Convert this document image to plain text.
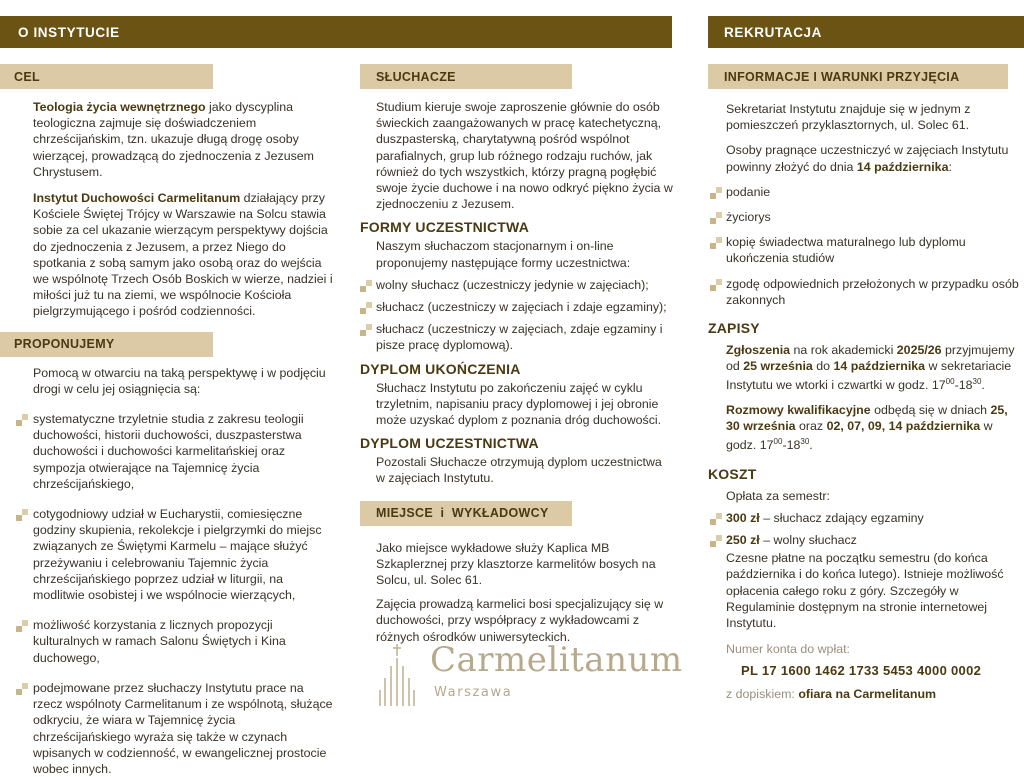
O INSTYTUCIE	REKRUTACJA
CEL

Teologia życia wewnętrznego jako dyscyplina teologiczna zajmuje się doświadczeniem chrześcijańskim, tzn. ukazuje długą drogę osoby wierzącej, prowadzącą do zjednoczenia z Jezusem Chrystusem.

Instytut Duchowości Carmelitanum działający przy Kościele Świętej Trójcy w Warszawie na Solcu stawia sobie za cel ukazanie wierzącym perspektywy dojścia do zjednoczenia z Jezusem, a przez Niego do spotkania z sobą samym jako osobą oraz do wejścia we wspólnotę Trzech Osób Boskich w wierze, nadziei i miłości już tu na ziemi, we wspólnocie Kościoła pielgrzymującego i pośród codzienności.

PROPONUJEMY

Pomocą w otwarciu na taką perspektywę i w podjęciu drogi w celu jej osiągnięcia są:

systematyczne trzyletnie studia z zakresu teologii duchowości, historii duchowości, duszpasterstwa duchowości i duchowości karmelitańskiej oraz sympozja otwierające na Tajemnicę życia chrześcijańskiego,
cotygodniowy udział w Eucharystii, comiesięczne godziny skupienia, rekolekcje i pielgrzymki do miejsc związanych ze Świętymi Karmelu – mające służyć przeżywaniu i celebrowaniu Tajemnic życia chrześcijańskiego poprzez udział w liturgii, na modlitwie osobistej i we wspólnocie wierzących,
możliwość korzystania z licznych propozycji kulturalnych w ramach Salonu Świętych i Kina duchowego,
podejmowane przez słuchaczy Instytutu prace na rzecz wspólnoty Carmelitanum i ze wspólnotą, służące odkryciu, że wiara w Tajemnicę życia chrześcijańskiego wyraża się także w czynach wpisanych w codzienność, w ewangelicznej prostocie wobec innych.
SŁUCHACZE

Studium kieruje swoje zaproszenie głównie do osób świeckich zaangażowanych w pracę katechetyczną, duszpasterską, charytatywną pośród wspólnot parafialnych, grup lub różnego rodzaju ruchów, jak również do tych wszystkich, którzy pragną pogłębić swoje życie duchowe i na nowo odkryć piękno życia w zjednoczeniu z Jezusem.

FORMY UCZESTNICTWA

Naszym słuchaczom stacjonarnym i on-line proponujemy następujące formy uczestnictwa:

wolny słuchacz (uczestniczy jedynie w zajęciach);
słuchacz (uczestniczy w zajęciach i zdaje egzaminy);
słuchacz (uczestniczy w zajęciach, zdaje egzaminy i pisze pracę dyplomową).
DYPLOM UKOŃCZENIA

Słuchacz Instytutu po zakończeniu zajęć w cyklu trzyletnim, napisaniu pracy dyplomowej i jej obronie może uzyskać dyplom z poznania dróg duchowości.

DYPLOM UCZESTNICTWA

Pozostali Słuchacze otrzymują dyplom uczestnictwa w zajęciach Instytutu.

MIEJSCE  i  WYKŁADOWCY

Jako miejsce wykładowe służy Kaplica MB Szkaplerznej przy klasztorze karmelitów bosych na Solcu, ul. Solec 61.

Zajęcia prowadzą karmelici bosi specjalizujący się w duchowości, przy współpracy z wykładowcami z różnych ośrodków uniwersyteckich.

Carmelitanum
Warszawa
INFORMACJE I WARUNKI PRZYJĘCIA

Sekretariat Instytutu znajduje się w jednym z pomieszczeń przyklasztornych, ul. Solec 61.

Osoby pragnące uczestniczyć w zajęciach Instytutu powinny złożyć do dnia 14 października:

podanie
życiorys
kopię świadectwa maturalnego lub dyplomu ukończenia studiów
zgodę odpowiednich przełożonych w przypadku osób zakonnych
ZAPISY

Zgłoszenia na rok akademicki 2025/26 przyjmujemy od 25 września do 14 października w sekretariacie Instytutu we wtorki i czwartki w godz. $17^{00}-18^{30}$.

Rozmowy kwalifikacyjne odbędą się w dniach 25, 30 września oraz 02, 07, 09, 14 października w godz. $17^{00}-18^{30}$.

KOSZT

Opłata za semestr:

300 zł – słuchacz zdający egzaminy
250 zł – wolny słuchacz

Czesne płatne na początku semestru (do końca października i do końca lutego). Istnieje możliwość opłacenia całego roku z góry. Szczegóły w Regulaminie dostępnym na stronie internetowej Instytutu.

Numer konta do wpłat:

PL 17 1600 1462 1733 5453 4000 0002

z dopiskiem: ofiara na Carmelitanum
